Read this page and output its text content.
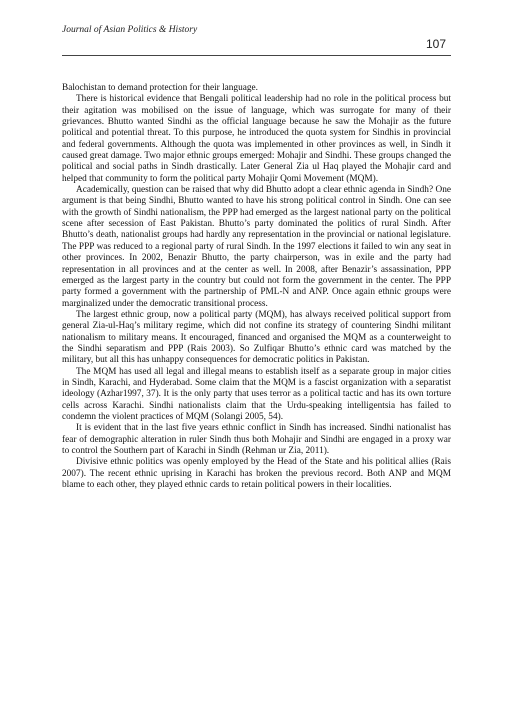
Journal of Asian Politics & History
107

Balochistan to demand protection for their language.

There is historical evidence that Bengali political leadership had no role in the political process but their agitation was mobilised on the issue of language, which was surrogate for many of their grievances. Bhutto wanted Sindhi as the official language because he saw the Mohajir as the future political and potential threat. To this purpose, he introduced the quota system for Sindhis in provincial and federal governments. Although the quota was implemented in other provinces as well, in Sindh it caused great damage. Two major ethnic groups emerged: Mohajir and Sindhi. These groups changed the political and social paths in Sindh drastically. Later General Zia ul Haq played the Mohajir card and helped that community to form the political party Mohajir Qomi Movement (MQM).

Academically, question can be raised that why did Bhutto adopt a clear ethnic agenda in Sindh? One argument is that being Sindhi, Bhutto wanted to have his strong political control in Sindh. One can see with the growth of Sindhi nationalism, the PPP had emerged as the largest national party on the political scene after secession of East Pakistan. Bhutto’s party dominated the politics of rural Sindh. After Bhutto’s death, nationalist groups had hardly any representation in the provincial or national legislature. The PPP was reduced to a regional party of rural Sindh. In the 1997 elections it failed to win any seat in other provinces. In 2002, Benazir Bhutto, the party chairperson, was in exile and the party had representation in all provinces and at the center as well. In 2008, after Benazir’s assassination, PPP emerged as the largest party in the country but could not form the government in the center. The PPP party formed a government with the partnership of PML-N and ANP. Once again ethnic groups were marginalized under the democratic transitional process.

The largest ethnic group, now a political party (MQM), has always received political support from general Zia-ul-Haq’s military regime, which did not confine its strategy of countering Sindhi militant nationalism to military means. It encouraged, financed and organised the MQM as a counterweight to the Sindhi separatism and PPP (Rais 2003). So Zulfiqar Bhutto’s ethnic card was matched by the military, but all this has unhappy consequences for democratic politics in Pakistan.

The MQM has used all legal and illegal means to establish itself as a separate group in major cities in Sindh, Karachi, and Hyderabad. Some claim that the MQM is a fascist organization with a separatist ideology (Azhar1997, 37). It is the only party that uses terror as a political tactic and has its own torture cells across Karachi. Sindhi nationalists claim that the Urdu-speaking intelligentsia has failed to condemn the violent practices of MQM (Solangi 2005, 54).

It is evident that in the last five years ethnic conflict in Sindh has increased. Sindhi nationalist has fear of demographic alteration in ruler Sindh thus both Mohajir and Sindhi are engaged in a proxy war to control the Southern part of Karachi in Sindh (Rehman ur Zia, 2011).

Divisive ethnic politics was openly employed by the Head of the State and his political allies (Rais 2007). The recent ethnic uprising in Karachi has broken the previous record. Both ANP and MQM blame to each other, they played ethnic cards to retain political powers in their localities.
